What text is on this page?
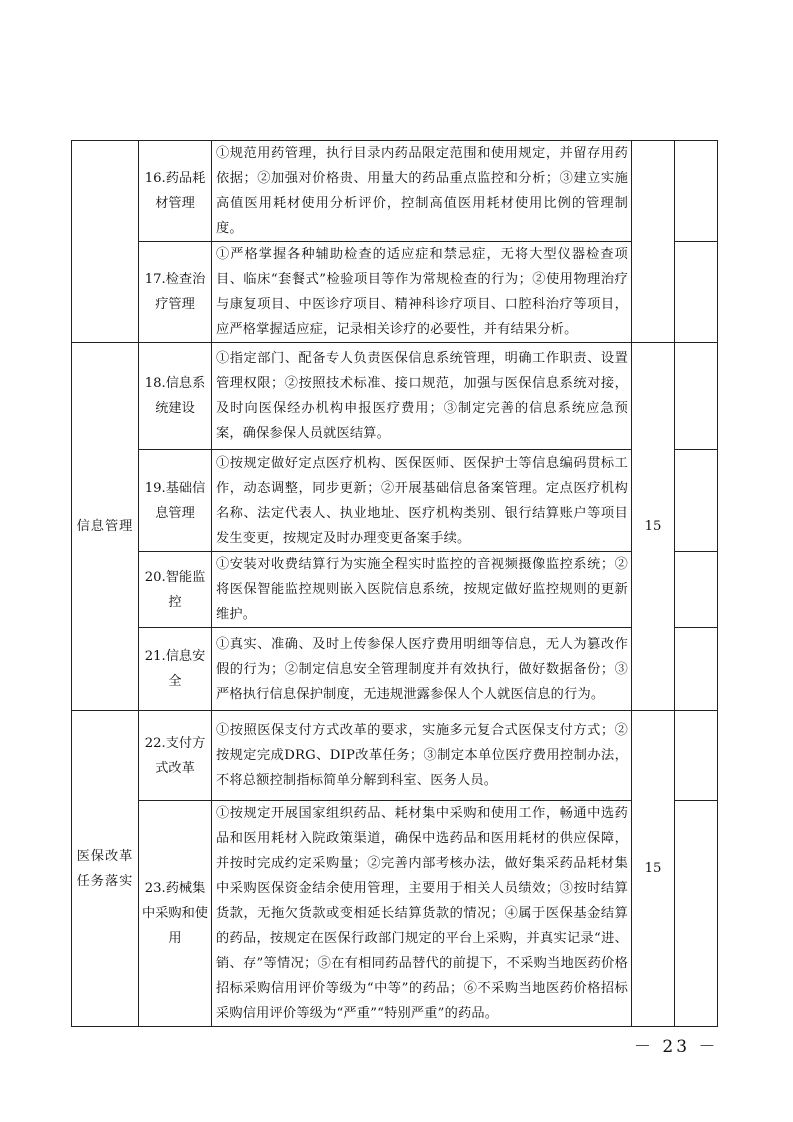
	16.药品耗材管理	①规范用药管理，执行目录内药品限定范围和使用规定，并留存用药依据；②加强对价格贵、用量大的药品重点监控和分析；③建立实施高值医用耗材使用分析评价，控制高值医用耗材使用比例的管理制度。		
	17.检查治疗管理	①严格掌握各种辅助检查的适应症和禁忌症，无将大型仪器检查项目、临床“套餐式”检验项目等作为常规检查的行为；②使用物理治疗与康复项目、中医诊疗项目、精神科诊疗项目、口腔科治疗等项目，应严格掌握适应症，记录相关诊疗的必要性，并有结果分析。		
信息管理	18.信息系统建设	①指定部门、配备专人负责医保信息系统管理，明确工作职责、设置管理权限；②按照技术标准、接口规范，加强与医保信息系统对接，及时向医保经办机构申报医疗费用；③制定完善的信息系统应急预案，确保参保人员就医结算。	15	
	19.基础信息管理	①按规定做好定点医疗机构、医保医师、医保护士等信息编码贯标工作，动态调整，同步更新；②开展基础信息备案管理。定点医疗机构名称、法定代表人、执业地址、医疗机构类别、银行结算账户等项目发生变更，按规定及时办理变更备案手续。		
	20.智能监控	①安装对收费结算行为实施全程实时监控的音视频摄像监控系统；②将医保智能监控规则嵌入医院信息系统，按规定做好监控规则的更新维护。		
	21.信息安全	①真实、准确、及时上传参保人医疗费用明细等信息，无人为篡改作假的行为；②制定信息安全管理制度并有效执行，做好数据备份；③严格执行信息保护制度，无违规泄露参保人个人就医信息的行为。		
医保改革任务落实	22.支付方式改革	①按照医保支付方式改革的要求，实施多元复合式医保支付方式；②按规定完成DRG、DIP改革任务；③制定本单位医疗费用控制办法，不将总额控制指标简单分解到科室、医务人员。	15	
	23.药械集中采购和使用	①按规定开展国家组织药品、耗材集中采购和使用工作，畅通中选药品和医用耗材入院政策渠道，确保中选药品和医用耗材的供应保障，并按时完成约定采购量；②完善内部考核办法，做好集采药品耗材集中采购医保资金结余使用管理，主要用于相关人员绩效；③按时结算货款，无拖欠货款或变相延长结算货款的情况；④属于医保基金结算的药品，按规定在医保行政部门规定的平台上采购，并真实记录“进、销、存”等情况；⑤在有相同药品替代的前提下，不采购当地医药价格招标采购信用评价等级为“中等”的药品；⑥不采购当地医药价格招标采购信用评价等级为“严重”“特别严重”的药品。		
－ 23 －
